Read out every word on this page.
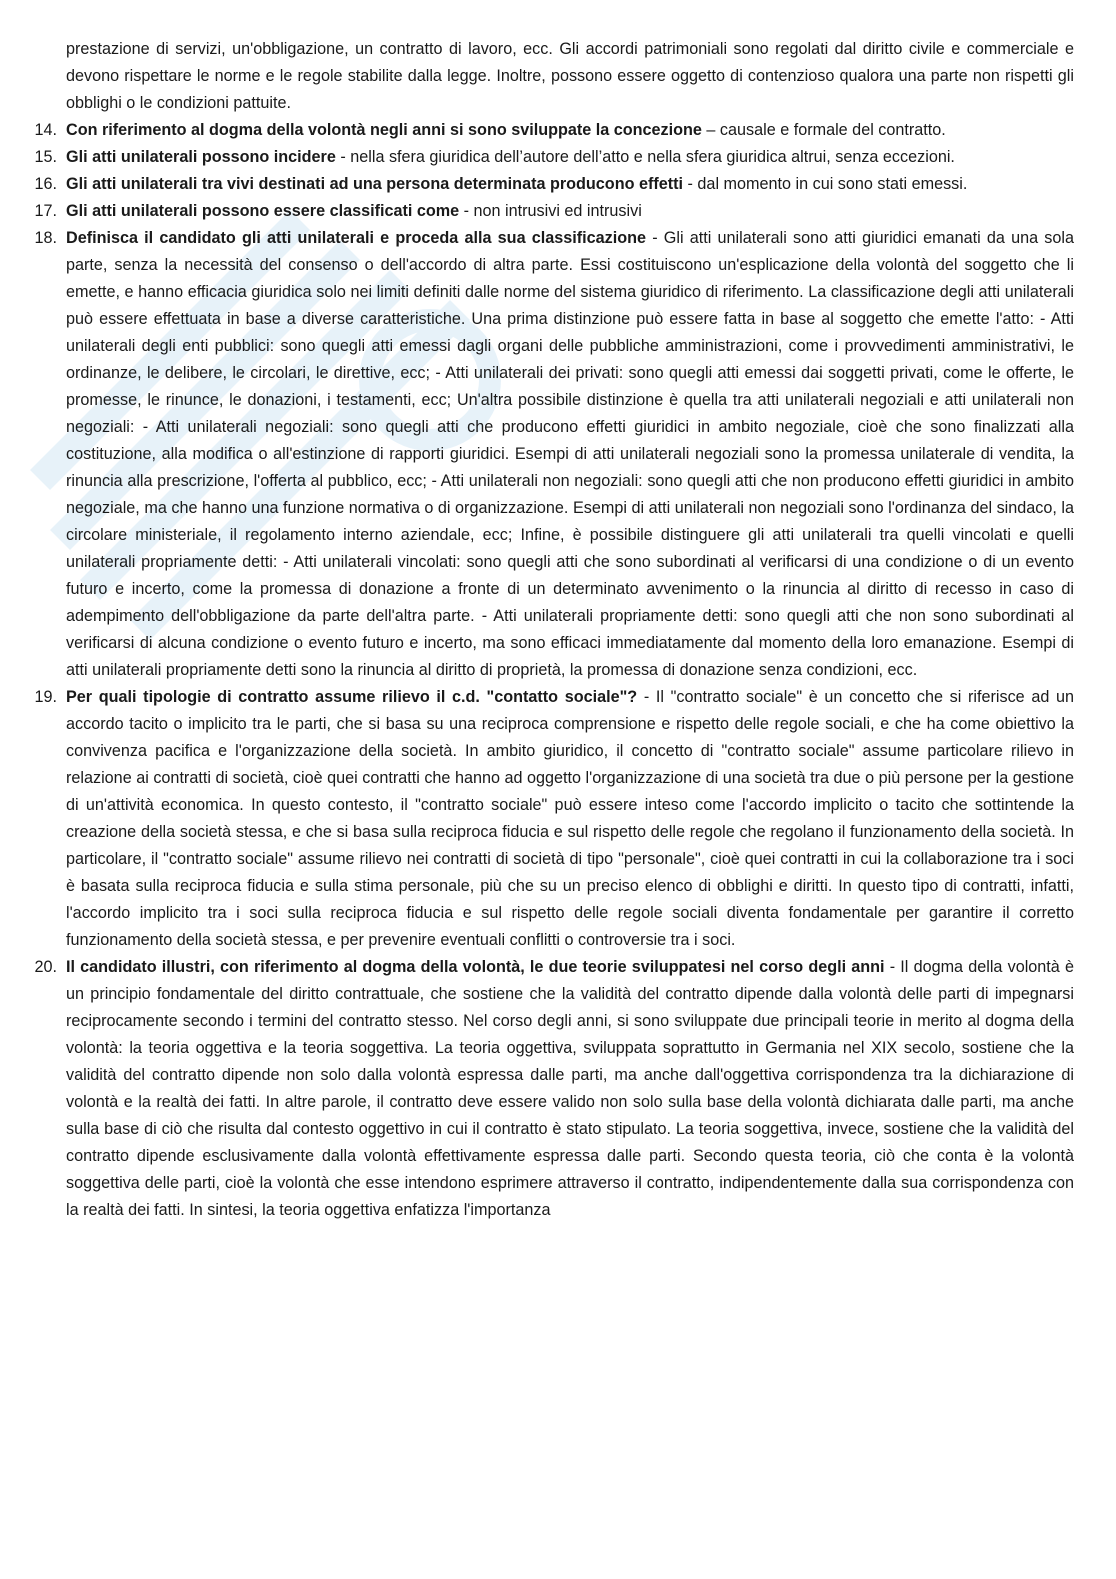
prestazione di servizi, un'obbligazione, un contratto di lavoro, ecc. Gli accordi patrimoniali sono regolati dal diritto civile e commerciale e devono rispettare le norme e le regole stabilite dalla legge. Inoltre, possono essere oggetto di contenzioso qualora una parte non rispetti gli obblighi o le condizioni pattuite.

14. Con riferimento al dogma della volontà negli anni si sono sviluppate la concezione – causale e formale del contratto.
15. Gli atti unilaterali possono incidere - nella sfera giuridica dell’autore dell’atto e nella sfera giuridica altrui, senza eccezioni.
16. Gli atti unilaterali tra vivi destinati ad una persona determinata producono effetti - dal momento in cui sono stati emessi.
17. Gli atti unilaterali possono essere classificati come - non intrusivi ed intrusivi
18. Definisca il candidato gli atti unilaterali e proceda alla sua classificazione - Gli atti unilaterali sono atti giuridici emanati da una sola parte, senza la necessità del consenso o dell'accordo di altra parte. Essi costituiscono un'esplicazione della volontà del soggetto che li emette, e hanno efficacia giuridica solo nei limiti definiti dalle norme del sistema giuridico di riferimento. La classificazione degli atti unilaterali può essere effettuata in base a diverse caratteristiche. Una prima distinzione può essere fatta in base al soggetto che emette l'atto: - Atti unilaterali degli enti pubblici: sono quegli atti emessi dagli organi delle pubbliche amministrazioni, come i provvedimenti amministrativi, le ordinanze, le delibere, le circolari, le direttive, ecc; - Atti unilaterali dei privati: sono quegli atti emessi dai soggetti privati, come le offerte, le promesse, le rinunce, le donazioni, i testamenti, ecc; Un'altra possibile distinzione è quella tra atti unilaterali negoziali e atti unilaterali non negoziali: - Atti unilaterali negoziali: sono quegli atti che producono effetti giuridici in ambito negoziale, cioè che sono finalizzati alla costituzione, alla modifica o all'estinzione di rapporti giuridici. Esempi di atti unilaterali negoziali sono la promessa unilaterale di vendita, la rinuncia alla prescrizione, l'offerta al pubblico, ecc; - Atti unilaterali non negoziali: sono quegli atti che non producono effetti giuridici in ambito negoziale, ma che hanno una funzione normativa o di organizzazione. Esempi di atti unilaterali non negoziali sono l'ordinanza del sindaco, la circolare ministeriale, il regolamento interno aziendale, ecc; Infine, è possibile distinguere gli atti unilaterali tra quelli vincolati e quelli unilaterali propriamente detti: - Atti unilaterali vincolati: sono quegli atti che sono subordinati al verificarsi di una condizione o di un evento futuro e incerto, come la promessa di donazione a fronte di un determinato avvenimento o la rinuncia al diritto di recesso in caso di adempimento dell'obbligazione da parte dell'altra parte. - Atti unilaterali propriamente detti: sono quegli atti che non sono subordinati al verificarsi di alcuna condizione o evento futuro e incerto, ma sono efficaci immediatamente dal momento della loro emanazione. Esempi di atti unilaterali propriamente detti sono la rinuncia al diritto di proprietà, la promessa di donazione senza condizioni, ecc.
19. Per quali tipologie di contratto assume rilievo il c.d. "contatto sociale"? - Il "contratto sociale" è un concetto che si riferisce ad un accordo tacito o implicito tra le parti, che si basa su una reciproca comprensione e rispetto delle regole sociali, e che ha come obiettivo la convivenza pacifica e l'organizzazione della società. In ambito giuridico, il concetto di "contratto sociale" assume particolare rilievo in relazione ai contratti di società, cioè quei contratti che hanno ad oggetto l'organizzazione di una società tra due o più persone per la gestione di un'attività economica. In questo contesto, il "contratto sociale" può essere inteso come l'accordo implicito o tacito che sottintende la creazione della società stessa, e che si basa sulla reciproca fiducia e sul rispetto delle regole che regolano il funzionamento della società. In particolare, il "contratto sociale" assume rilievo nei contratti di società di tipo "personale", cioè quei contratti in cui la collaborazione tra i soci è basata sulla reciproca fiducia e sulla stima personale, più che su un preciso elenco di obblighi e diritti. In questo tipo di contratti, infatti, l'accordo implicito tra i soci sulla reciproca fiducia e sul rispetto delle regole sociali diventa fondamentale per garantire il corretto funzionamento della società stessa, e per prevenire eventuali conflitti o controversie tra i soci.
20. Il candidato illustri, con riferimento al dogma della volontà, le due teorie sviluppatesi nel corso degli anni - Il dogma della volontà è un principio fondamentale del diritto contrattuale, che sostiene che la validità del contratto dipende dalla volontà delle parti di impegnarsi reciprocamente secondo i termini del contratto stesso. Nel corso degli anni, si sono sviluppate due principali teorie in merito al dogma della volontà: la teoria oggettiva e la teoria soggettiva. La teoria oggettiva, sviluppata soprattutto in Germania nel XIX secolo, sostiene che la validità del contratto dipende non solo dalla volontà espressa dalle parti, ma anche dall'oggettiva corrispondenza tra la dichiarazione di volontà e la realtà dei fatti. In altre parole, il contratto deve essere valido non solo sulla base della volontà dichiarata dalle parti, ma anche sulla base di ciò che risulta dal contesto oggettivo in cui il contratto è stato stipulato. La teoria soggettiva, invece, sostiene che la validità del contratto dipende esclusivamente dalla volontà effettivamente espressa dalle parti. Secondo questa teoria, ciò che conta è la volontà soggettiva delle parti, cioè la volontà che esse intendono esprimere attraverso il contratto, indipendentemente dalla sua corrispondenza con la realtà dei fatti. In sintesi, la teoria oggettiva enfatizza l'importanza
